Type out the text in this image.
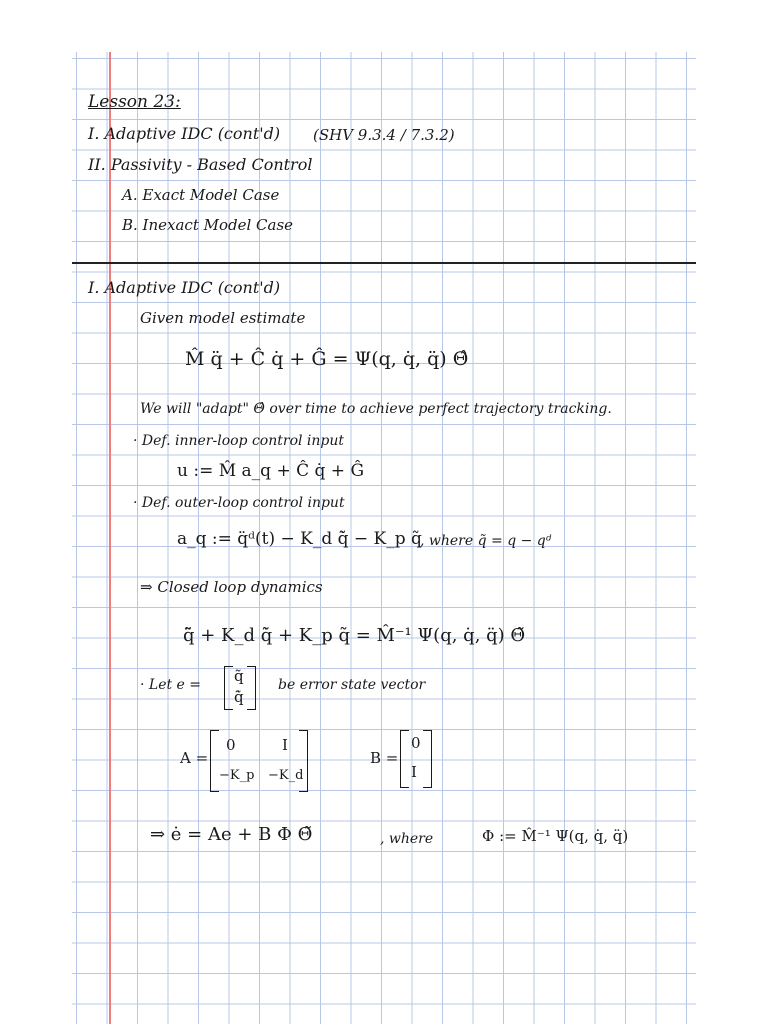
Lesson 23:
I. Adaptive IDC (cont'd) (SHV 9.3.4 / 7.3.2)
II. Passivity - Based Control
A. Exact Model Case
B. Inexact Model Case
I. Adaptive IDC (cont'd)
Given model estimate
M̂ q̈ + Ĉ q̇ + Ĝ = Ψ(q, q̇, q̈) Θ̂
We will "adapt" Θ̂ over time to achieve perfect trajectory tracking.
· Def. inner-loop control input
u := M̂ a_q + Ĉ q̇ + Ĝ
· Def. outer-loop control input
a_q := q̈ᵈ(t) − K_d q̃̇ − K_p q̃
, where q̃ = q − qᵈ
⇒ Closed loop dynamics
q̃̈ + K_d q̃̇ + K_p q̃ = M̂⁻¹ Ψ(q, q̇, q̈) Θ̃
· Let e = q̃
q̃̇
be error state vector
A =
0	I
−K_p −K_d
B =
0
I
⇒ ė = Ae + B Φ Θ̃	, where	Φ := M̂⁻¹ Ψ(q, q̇, q̈)
